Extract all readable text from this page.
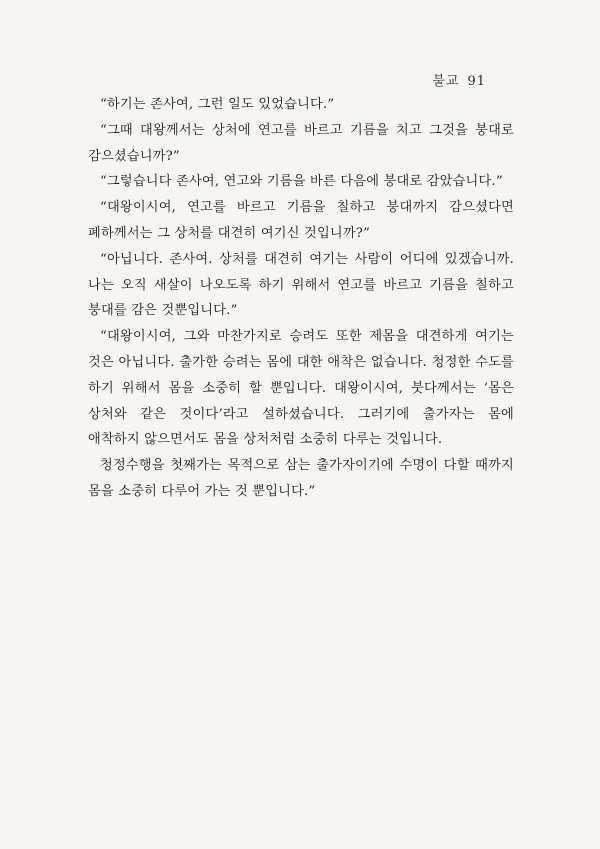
불교 91

“하기는 존사여, 그런 일도 있었습니다.”

“그때 대왕께서는 상처에 연고를 바르고 기름을 치고 그것을 붕대로 감으셨습니까?”

“그렇습니다 존사여, 연고와 기름을 바른 다음에 붕대로 감았습니다.”

“대왕이시여, 연고를 바르고 기름을 칠하고 붕대까지 감으셨다면 폐하께서는 그 상처를 대견히 여기신 것입니까?”

“아닙니다. 존사여. 상처를 대견히 여기는 사람이 어디에 있겠습니까. 나는 오직 새살이 나오도록 하기 위해서 연고를 바르고 기름을 칠하고 붕대를 감은 것뿐입니다.”

“대왕이시여, 그와 마찬가지로 승려도 또한 제몸을 대견하게 여기는 것은 아닙니다. 출가한 승려는 몸에 대한 애착은 없습니다. 청정한 수도를 하기 위해서 몸을 소중히 할 뿐입니다. 대왕이시여, 붓다께서는 ‘몸은 상처와 같은 것이다’라고 설하셨습니다. 그러기에 출가자는 몸에 애착하지 않으면서도 몸을 상처처럼 소중히 다루는 것입니다.

청정수행을 첫째가는 목적으로 삼는 출가자이기에 수명이 다할 때까지 몸을 소중히 다루어 가는 것 뿐입니다.”
